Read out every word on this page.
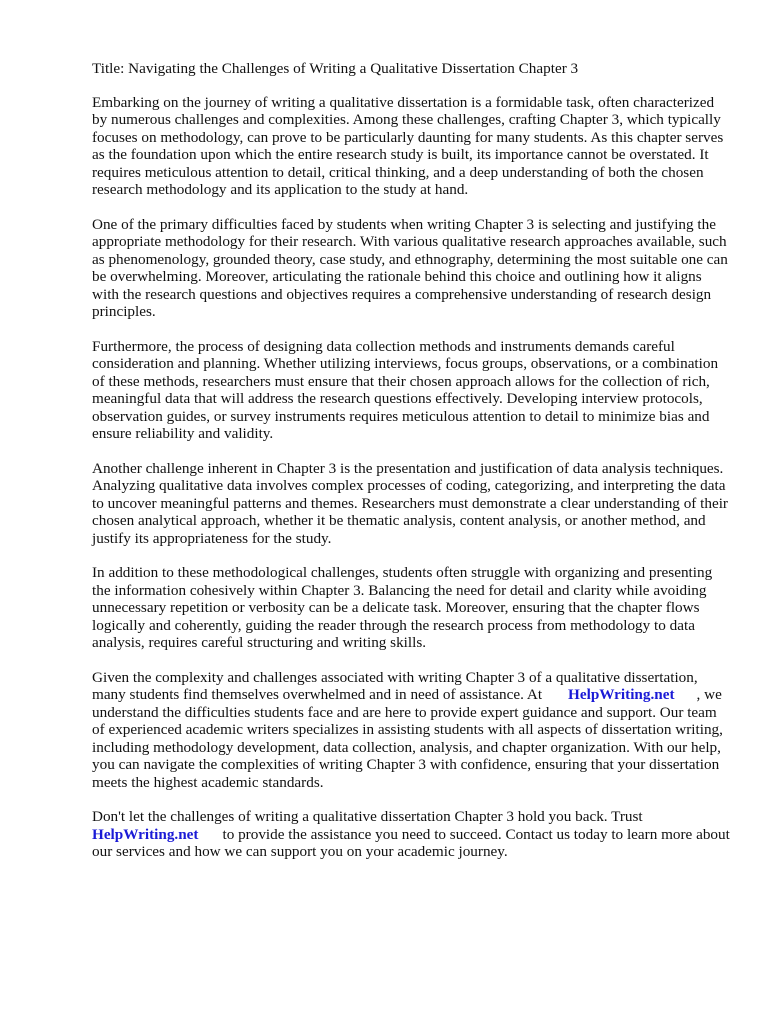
Title: Navigating the Challenges of Writing a Qualitative Dissertation Chapter 3

Embarking on the journey of writing a qualitative dissertation is a formidable task, often characterized by numerous challenges and complexities. Among these challenges, crafting Chapter 3, which typically focuses on methodology, can prove to be particularly daunting for many students. As this chapter serves as the foundation upon which the entire research study is built, its importance cannot be overstated. It requires meticulous attention to detail, critical thinking, and a deep understanding of both the chosen research methodology and its application to the study at hand.

One of the primary difficulties faced by students when writing Chapter 3 is selecting and justifying the appropriate methodology for their research. With various qualitative research approaches available, such as phenomenology, grounded theory, case study, and ethnography, determining the most suitable one can be overwhelming. Moreover, articulating the rationale behind this choice and outlining how it aligns with the research questions and objectives requires a comprehensive understanding of research design principles.

Furthermore, the process of designing data collection methods and instruments demands careful consideration and planning. Whether utilizing interviews, focus groups, observations, or a combination of these methods, researchers must ensure that their chosen approach allows for the collection of rich, meaningful data that will address the research questions effectively. Developing interview protocols, observation guides, or survey instruments requires meticulous attention to detail to minimize bias and ensure reliability and validity.

Another challenge inherent in Chapter 3 is the presentation and justification of data analysis techniques. Analyzing qualitative data involves complex processes of coding, categorizing, and interpreting the data to uncover meaningful patterns and themes. Researchers must demonstrate a clear understanding of their chosen analytical approach, whether it be thematic analysis, content analysis, or another method, and justify its appropriateness for the study.

In addition to these methodological challenges, students often struggle with organizing and presenting the information cohesively within Chapter 3. Balancing the need for detail and clarity while avoiding unnecessary repetition or verbosity can be a delicate task. Moreover, ensuring that the chapter flows logically and coherently, guiding the reader through the research process from methodology to data analysis, requires careful structuring and writing skills.

Given the complexity and challenges associated with writing Chapter 3 of a qualitative dissertation, many students find themselves overwhelmed and in need of assistance. At HelpWriting.net , we understand the difficulties students face and are here to provide expert guidance and support. Our team of experienced academic writers specializes in assisting students with all aspects of dissertation writing, including methodology development, data collection, analysis, and chapter organization. With our help, you can navigate the complexities of writing Chapter 3 with confidence, ensuring that your dissertation meets the highest academic standards.

Don't let the challenges of writing a qualitative dissertation Chapter 3 hold you back. Trust HelpWriting.net to provide the assistance you need to succeed. Contact us today to learn more about our services and how we can support you on your academic journey.
